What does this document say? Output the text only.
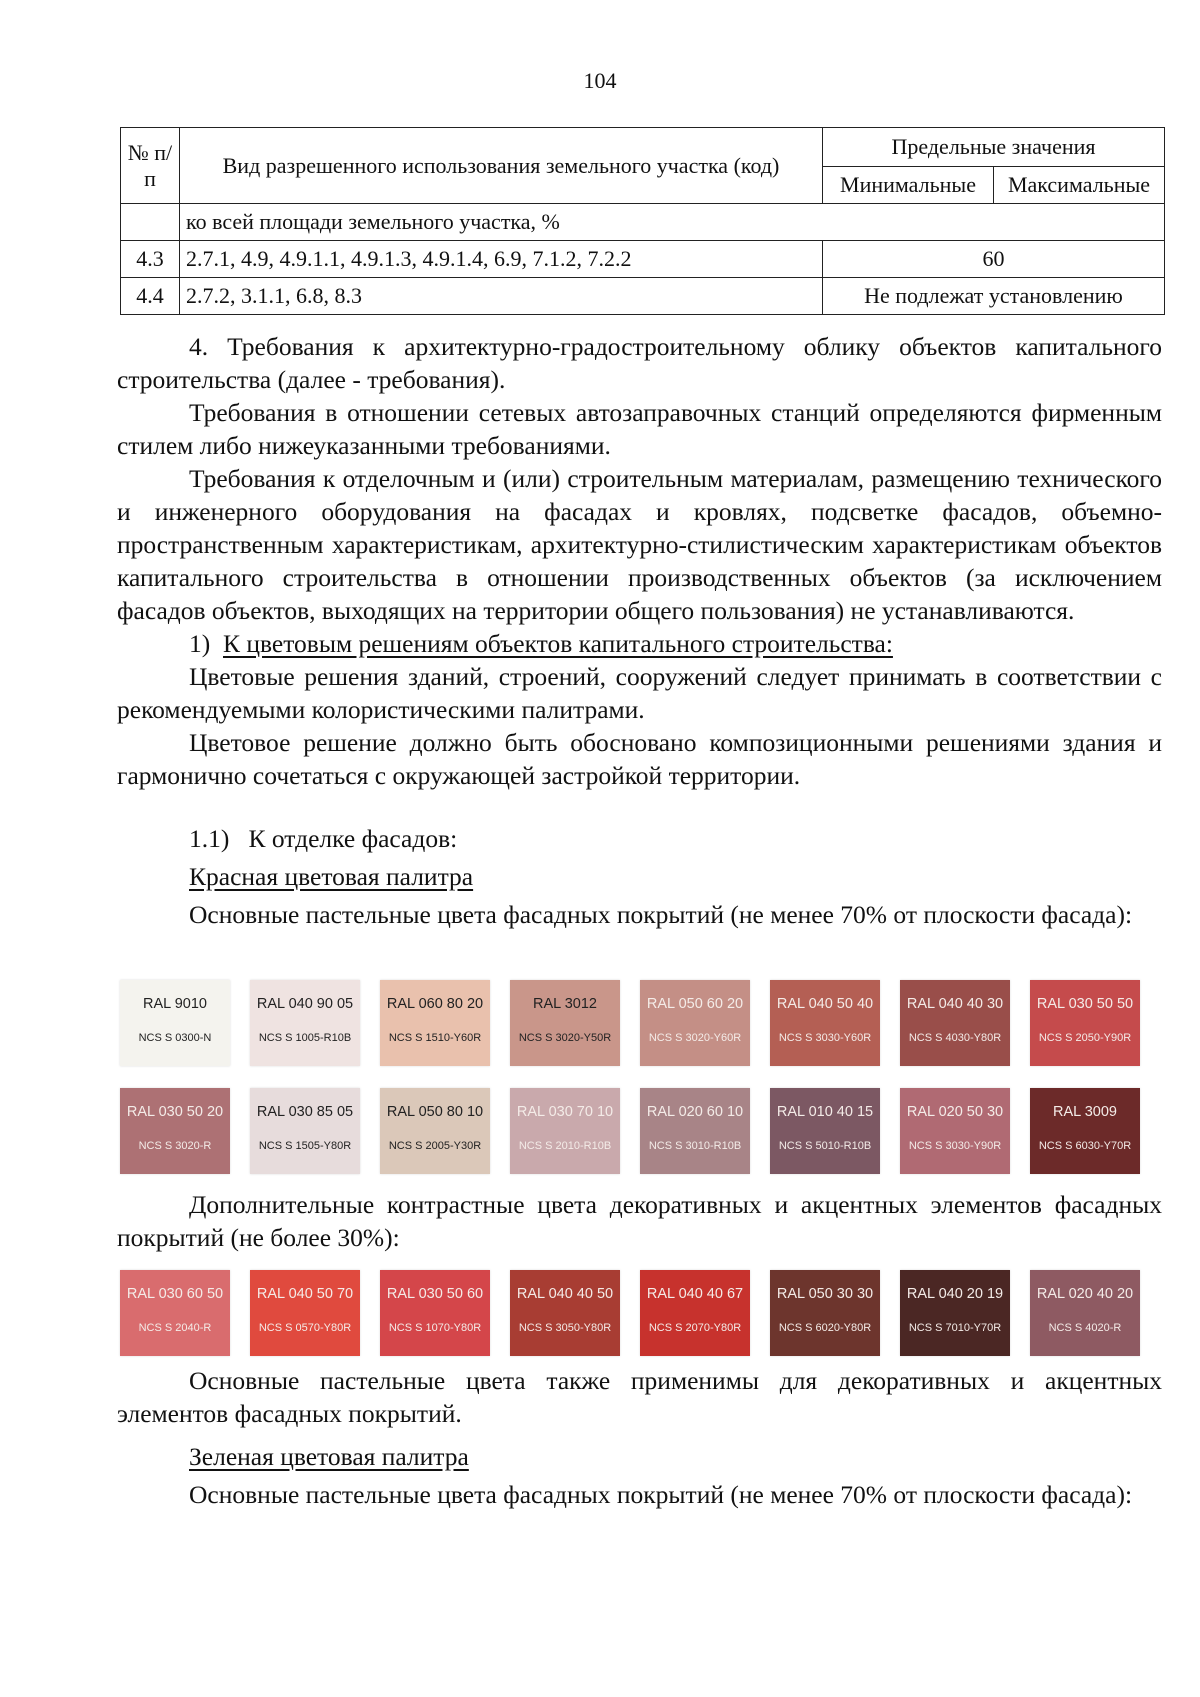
104
№ п/п	Вид разрешенного использования земельного участка (код)	Предельные значения	
		Минимальные	Максимальные
	ко всей площади земельного участка, %		
4.3	2.7.1, 4.9, 4.9.1.1, 4.9.1.3, 4.9.1.4, 6.9, 7.1.2, 7.2.2	60	
4.4	2.7.2, 3.1.1, 6.8, 8.3	Не подлежат установлению	

4. Требования к архитектурно-градостроительному облику объектов капитального строительства (далее - требования).

Требования в отношении сетевых автозаправочных станций определяются фирменным стилем либо нижеуказанными требованиями.

Требования к отделочным и (или) строительным материалам, размещению технического и инженерного оборудования на фасадах и кровлях, подсветке фасадов, объемно-пространственным характеристикам, архитектурно-стилистическим характеристикам объектов капитального строительства в отношении производственных объектов (за исключением фасадов объектов, выходящих на территории общего пользования) не устанавливаются.

1) К цветовым решениям объектов капитального строительства:

Цветовые решения зданий, строений, сооружений следует принимать в соответствии с рекомендуемыми колористическими палитрами.

Цветовое решение должно быть обосновано композиционными решениями здания и гармонично сочетаться с окружающей застройкой территории.

1.1) К отделке фасадов:

Красная цветовая палитра

Основные пастельные цвета фасадных покрытий (не менее 70% от плоскости фасада):

RAL 9010
NCS S 0300-N
RAL 040 90 05
NCS S 1005-R10B
RAL 060 80 20
NCS S 1510-Y60R
RAL 3012
NCS S 3020-Y50R
RAL 050 60 20
NCS S 3020-Y60R
RAL 040 50 40
NCS S 3030-Y60R
RAL 040 40 30
NCS S 4030-Y80R
RAL 030 50 50
NCS S 2050-Y90R
RAL 030 50 20
NCS S 3020-R
RAL 030 85 05
NCS S 1505-Y80R
RAL 050 80 10
NCS S 2005-Y30R
RAL 030 70 10
NCS S 2010-R10B
RAL 020 60 10
NCS S 3010-R10B
RAL 010 40 15
NCS S 5010-R10B
RAL 020 50 30
NCS S 3030-Y90R
RAL 3009
NCS S 6030-Y70R

Дополнительные контрастные цвета декоративных и акцентных элементов фасадных покрытий (не более 30%):

RAL 030 60 50
NCS S 2040-R
RAL 040 50 70
NCS S 0570-Y80R
RAL 030 50 60
NCS S 1070-Y80R
RAL 040 40 50
NCS S 3050-Y80R
RAL 040 40 67
NCS S 2070-Y80R
RAL 050 30 30
NCS S 6020-Y80R
RAL 040 20 19
NCS S 7010-Y70R
RAL 020 40 20
NCS S 4020-R

Основные пастельные цвета также применимы для декоративных и акцентных элементов фасадных покрытий.

Зеленая цветовая палитра

Основные пастельные цвета фасадных покрытий (не менее 70% от плоскости фасада):
